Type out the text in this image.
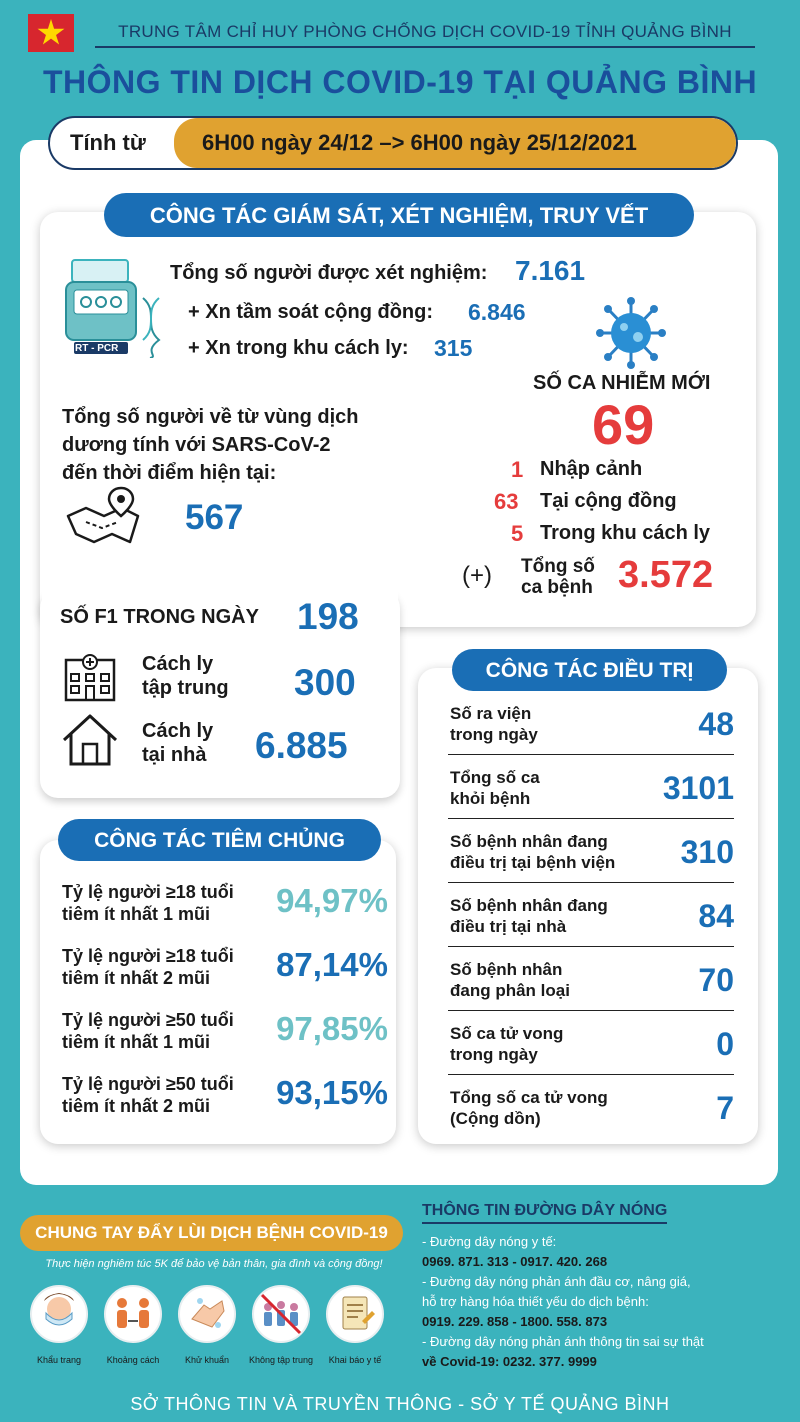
TRUNG TÂM CHỈ HUY PHÒNG CHỐNG DỊCH COVID-19 TỈNH QUẢNG BÌNH
THÔNG TIN DỊCH COVID-19 TẠI QUẢNG BÌNH
Tính từ	6H00 ngày 24/12 –> 6H00 ngày 25/12/2021
CÔNG TÁC GIÁM SÁT, XÉT NGHIỆM, TRUY VẾT
RT - PCR
Tổng số người được xét nghiệm: 7.161
+ Xn tầm soát cộng đồng: 6.846
+ Xn trong khu cách ly: 315
SỐ CA NHIỄM MỚI
69
1 Nhập cảnh
63 Tại cộng đồng
5 Trong khu cách ly
(+) Tổng số
ca bệnh 3.572
Tổng số người về từ vùng dịch
dương tính với SARS-CoV-2
đến thời điểm hiện tại:
567
SỐ F1 TRONG NGÀY 198
Cách ly
tập trung 300
Cách ly
tại nhà 6.885
Số ra viện
trong ngày	48
Tổng số ca
khỏi bệnh	3101
Số bệnh nhân đang
điều trị tại bệnh viện 310
Số bệnh nhân đang
điều trị tại nhà	84
Số bệnh nhân
đang phân loại	70
Số ca tử vong
trong ngày	0
Tổng số ca tử vong
(Cộng dồn)	7
CÔNG TÁC ĐIỀU TRỊ
Tỷ lệ người ≥18 tuổi
tiêm ít nhất 1 mũi 94,97%
Tỷ lệ người ≥18 tuổi
tiêm ít nhất 2 mũi 87,14%
Tỷ lệ người ≥50 tuổi
tiêm ít nhất 1 mũi 97,85%
Tỷ lệ người ≥50 tuổi
tiêm ít nhất 2 mũi 93,15%
CÔNG TÁC TIÊM CHỦNG
CHUNG TAY ĐẨY LÙI DỊCH BỆNH COVID-19
Thực hiện nghiêm túc 5K để bảo vệ bản thân, gia đình và cộng đồng!
Khẩu trang	Khoảng cách	Khử khuẩn	Không tập trung	Khai báo y tế
THÔNG TIN ĐƯỜNG DÂY NÓNG
- Đường dây nóng y tế:
0969. 871. 313 - 0917. 420. 268
- Đường dây nóng phản ánh đầu cơ, nâng giá,
hỗ trợ hàng hóa thiết yếu do dịch bệnh:
0919. 229. 858 - 1800. 558. 873
- Đường dây nóng phản ánh thông tin sai sự thật
về Covid-19: 0232. 377. 9999
SỞ THÔNG TIN VÀ TRUYỀN THÔNG - SỞ Y TẾ QUẢNG BÌNH
